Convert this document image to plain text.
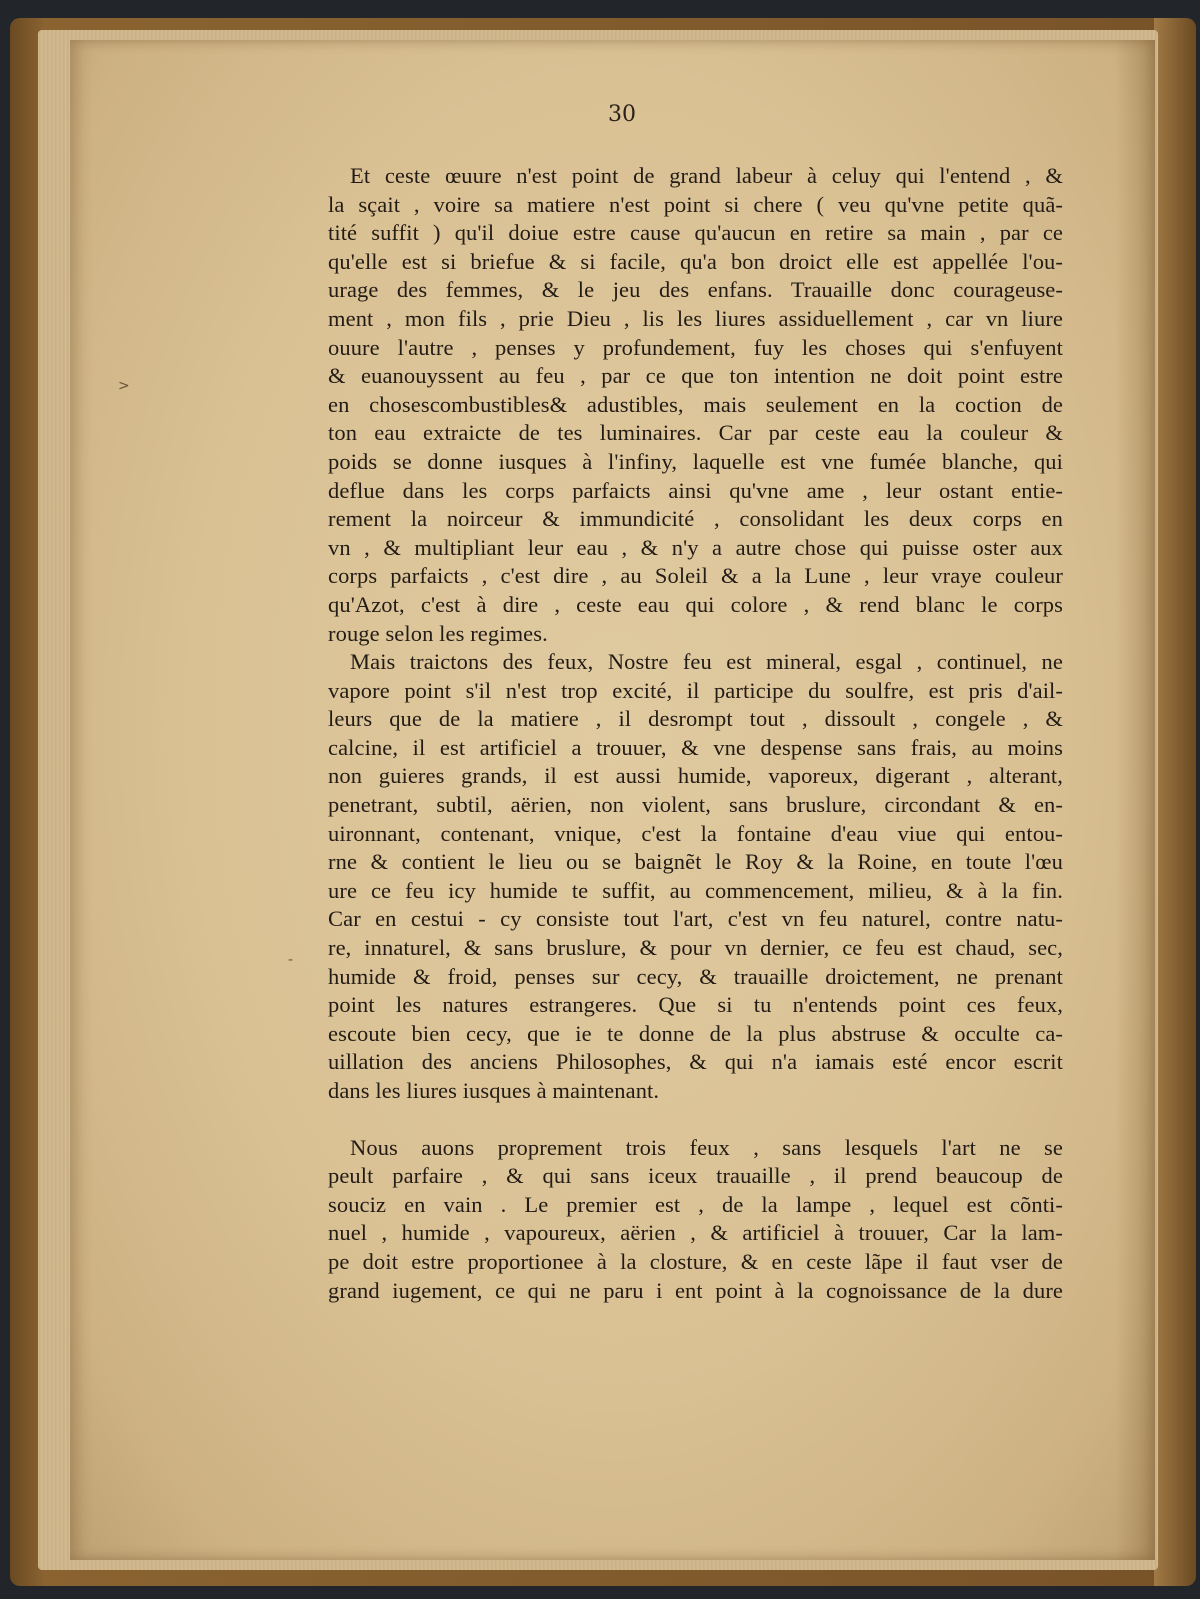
>
-
30
Et ceste œuure n'est point de grand labeur à celuy qui l'entend , &
la sçait , voire sa matiere n'est point si chere ( veu qu'vne petite quã-
tité suffit ) qu'il doiue estre cause qu'aucun en retire sa main , par ce
qu'elle est si briefue & si facile, qu'a bon droict elle est appellée l'ou-
urage des femmes, & le jeu des enfans. Trauaille donc courageuse-
ment , mon fils , prie Dieu , lis les liures assiduellement , car vn liure
ouure l'autre , penses y profundement, fuy les choses qui s'enfuyent
& euanouyssent au feu , par ce que ton intention ne doit point estre
en chosescombustibles& adustibles, mais seulement en la coction de
ton eau extraicte de tes luminaires. Car par ceste eau la couleur &
poids se donne iusques à l'infiny, laquelle est vne fumée blanche, qui
deflue dans les corps parfaicts ainsi qu'vne ame , leur ostant entie-
rement la noirceur & immundicité , consolidant les deux corps en
vn , & multipliant leur eau , & n'y a autre chose qui puisse oster aux
corps parfaicts , c'est dire , au Soleil & a la Lune , leur vraye couleur
qu'Azot, c'est à dire , ceste eau qui colore , & rend blanc le corps
rouge selon les regimes.
Mais traictons des feux, Nostre feu est mineral, esgal , continuel, ne
vapore point s'il n'est trop excité, il participe du soulfre, est pris d'ail-
leurs que de la matiere , il desrompt tout , dissoult , congele , &
calcine, il est artificiel a trouuer, & vne despense sans frais, au moins
non guieres grands, il est aussi humide, vaporeux, digerant , alterant,
penetrant, subtil, aërien, non violent, sans bruslure, circondant & en-
uironnant, contenant, vnique, c'est la fontaine d'eau viue qui entou-
rne & contient le lieu ou se baignẽt le Roy & la Roine, en toute l'œu
ure ce feu icy humide te suffit, au commencement, milieu, & à la fin.
Car en cestui - cy consiste tout l'art, c'est vn feu naturel, contre natu-
re, innaturel, & sans bruslure, & pour vn dernier, ce feu est chaud, sec,
humide & froid, penses sur cecy, & trauaille droictement, ne prenant
point les natures estrangeres. Que si tu n'entends point ces feux,
escoute bien cecy, que ie te donne de la plus abstruse & occulte ca-
uillation des anciens Philosophes, & qui n'a iamais esté encor escrit
dans les liures iusques à maintenant.
Nous auons proprement trois feux , sans lesquels l'art ne se
peult parfaire , & qui sans iceux trauaille , il prend beaucoup de
souciz en vain . Le premier est , de la lampe , lequel est cõnti-
nuel , humide , vapoureux, aërien , & artificiel à trouuer, Car la lam-
pe doit estre proportionee à la closture, & en ceste lãpe il faut vser de
grand iugement, ce qui ne paru i ent point à la cognoissance de la dure
